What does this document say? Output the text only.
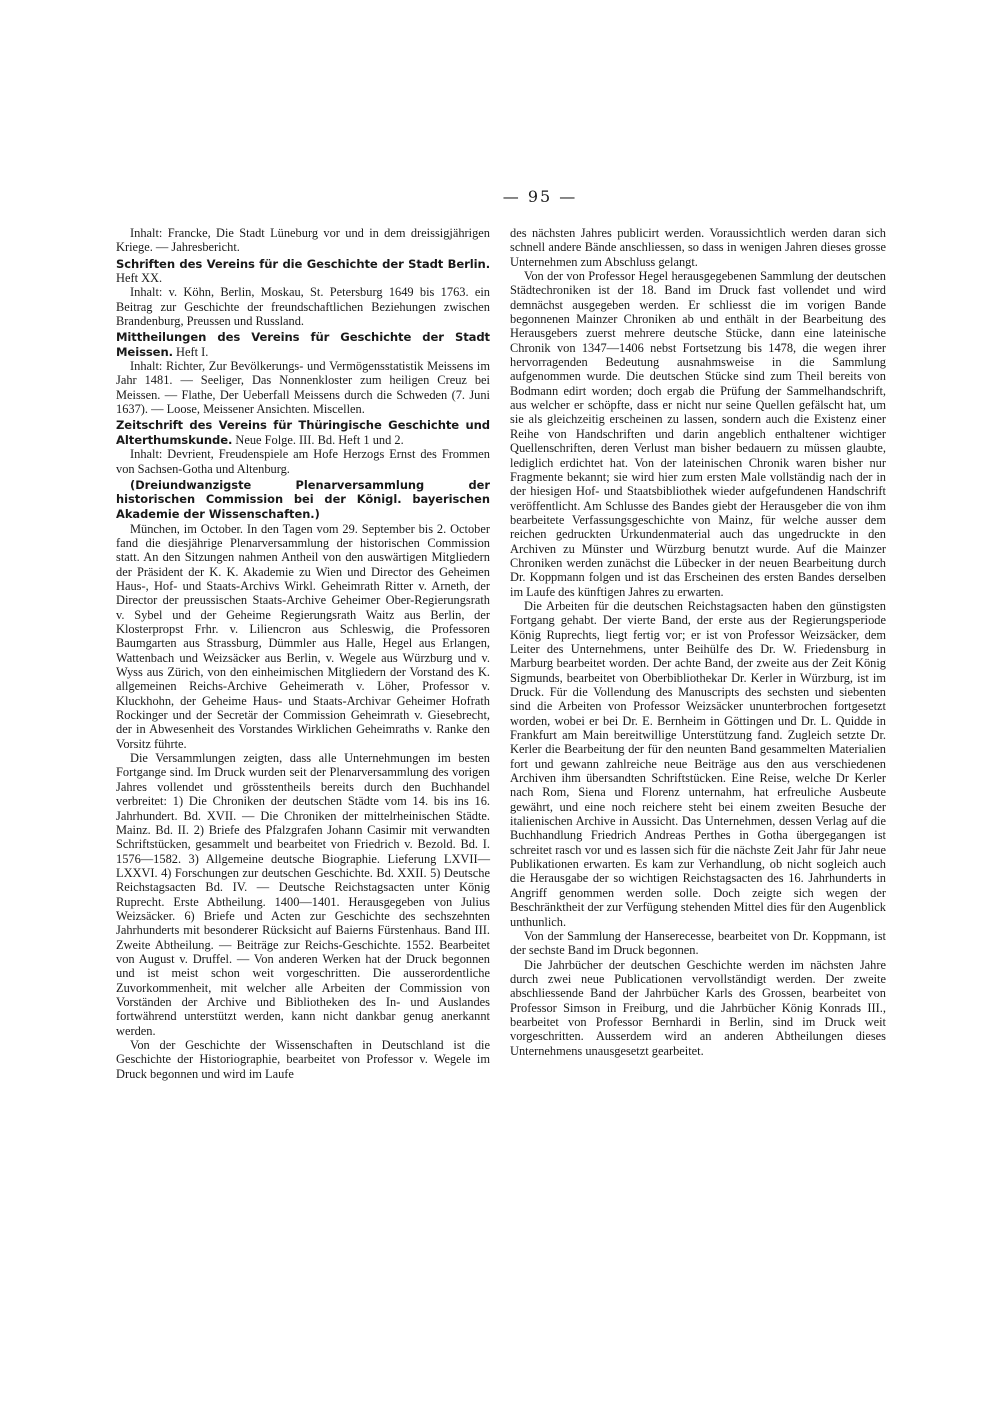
— 95 —

Inhalt: Francke, Die Stadt Lüneburg vor und in dem dreissigjährigen Kriege. — Jahresbericht.

Schriften des Vereins für die Geschichte der Stadt Berlin. Heft XX.

Inhalt: v. Köhn, Berlin, Moskau, St. Petersburg 1649 bis 1763. ein Beitrag zur Geschichte der freundschaftlichen Beziehungen zwischen Brandenburg, Preussen und Russland.

Mittheilungen des Vereins für Geschichte der Stadt Meissen. Heft I.

Inhalt: Richter, Zur Bevölkerungs- und Vermögensstatistik Meissens im Jahr 1481. — Seeliger, Das Nonnenkloster zum heiligen Creuz bei Meissen. — Flathe, Der Ueberfall Meissens durch die Schweden (7. Juni 1637). — Loose, Meissener Ansichten. Miscellen.

Zeitschrift des Vereins für Thüringische Geschichte und Alterthumskunde. Neue Folge. III. Bd. Heft 1 und 2.

Inhalt: Devrient, Freudenspiele am Hofe Herzogs Ernst des Frommen von Sachsen-Gotha und Altenburg.

(Dreiundwanzigste Plenarversammlung der historischen Commission bei der Königl. bayerischen Akademie der Wissenschaften.)

München, im October. In den Tagen vom 29. September bis 2. October fand die diesjährige Plenarversammlung der historischen Commission statt. An den Sitzungen nahmen Antheil von den auswärtigen Mitgliedern der Präsident der K. K. Akademie zu Wien und Director des Geheimen Haus-, Hof- und Staats-Archivs Wirkl. Geheimrath Ritter v. Arneth, der Director der preussischen Staats-Archive Geheimer Ober-Regierungsrath v. Sybel und der Geheime Regierungsrath Waitz aus Berlin, der Klosterpropst Frhr. v. Liliencron aus Schleswig, die Professoren Baumgarten aus Strassburg, Dümmler aus Halle, Hegel aus Erlangen, Wattenbach und Weizsäcker aus Berlin, v. Wegele aus Würzburg und v. Wyss aus Zürich, von den einheimischen Mitgliedern der Vorstand des K. allgemeinen Reichs-Archive Geheimerath v. Löher, Professor v. Kluckhohn, der Geheime Haus- und Staats-Archivar Geheimer Hofrath Rockinger und der Secretär der Commission Geheimrath v. Giesebrecht, der in Abwesenheit des Vorstandes Wirklichen Geheimraths v. Ranke den Vorsitz führte.

Die Versammlungen zeigten, dass alle Unternehmungen im besten Fortgange sind. Im Druck wurden seit der Plenarversammlung des vorigen Jahres vollendet und grösstentheils bereits durch den Buchhandel verbreitet: 1) Die Chroniken der deutschen Städte vom 14. bis ins 16. Jahrhundert. Bd. XVII. — Die Chroniken der mittelrheinischen Städte. Mainz. Bd. II. 2) Briefe des Pfalzgrafen Johann Casimir mit verwandten Schriftstücken, gesammelt und bearbeitet von Friedrich v. Bezold. Bd. I. 1576—1582. 3) Allgemeine deutsche Biographie. Lieferung LXVII—LXXVI. 4) Forschungen zur deutschen Geschichte. Bd. XXII. 5) Deutsche Reichstagsacten Bd. IV. — Deutsche Reichstagsacten unter König Ruprecht. Erste Abtheilung. 1400—1401. Herausgegeben von Julius Weizsäcker. 6) Briefe und Acten zur Geschichte des sechszehnten Jahrhunderts mit besonderer Rücksicht auf Baierns Fürstenhaus. Band III. Zweite Abtheilung. — Beiträge zur Reichs-Geschichte. 1552. Bearbeitet von August v. Druffel. — Von anderen Werken hat der Druck begonnen und ist meist schon weit vorgeschritten. Die ausserordentliche Zuvorkommenheit, mit welcher alle Arbeiten der Commission von Vorständen der Archive und Bibliotheken des In- und Auslandes fortwährend unterstützt werden, kann nicht dankbar genug anerkannt werden.

Von der Geschichte der Wissenschaften in Deutschland ist die Geschichte der Historiographie, bearbeitet von Professor v. Wegele im Druck begonnen und wird im Laufe

des nächsten Jahres publicirt werden. Voraussichtlich werden daran sich schnell andere Bände anschliessen, so dass in wenigen Jahren dieses grosse Unternehmen zum Abschluss gelangt.

Von der von Professor Hegel herausgegebenen Sammlung der deutschen Städtechroniken ist der 18. Band im Druck fast vollendet und wird demnächst ausgegeben werden. Er schliesst die im vorigen Bande begonnenen Mainzer Chroniken ab und enthält in der Bearbeitung des Herausgebers zuerst mehrere deutsche Stücke, dann eine lateinische Chronik von 1347—1406 nebst Fortsetzung bis 1478, die wegen ihrer hervorragenden Bedeutung ausnahmsweise in die Sammlung aufgenommen wurde. Die deutschen Stücke sind zum Theil bereits von Bodmann edirt worden; doch ergab die Prüfung der Sammelhandschrift, aus welcher er schöpfte, dass er nicht nur seine Quellen gefälscht hat, um sie als gleichzeitig erscheinen zu lassen, sondern auch die Existenz einer Reihe von Handschriften und darin angeblich enthaltener wichtiger Quellenschriften, deren Verlust man bisher bedauern zu müssen glaubte, lediglich erdichtet hat. Von der lateinischen Chronik waren bisher nur Fragmente bekannt; sie wird hier zum ersten Male vollständig nach der in der hiesigen Hof- und Staatsbibliothek wieder aufgefundenen Handschrift veröffentlicht. Am Schlusse des Bandes giebt der Herausgeber die von ihm bearbeitete Verfassungsgeschichte von Mainz, für welche ausser dem reichen gedruckten Urkundenmaterial auch das ungedruckte in den Archiven zu Münster und Würzburg benutzt wurde. Auf die Mainzer Chroniken werden zunächst die Lübecker in der neuen Bearbeitung durch Dr. Koppmann folgen und ist das Erscheinen des ersten Bandes derselben im Laufe des künftigen Jahres zu erwarten.

Die Arbeiten für die deutschen Reichstagsacten haben den günstigsten Fortgang gehabt. Der vierte Band, der erste aus der Regierungsperiode König Ruprechts, liegt fertig vor; er ist von Professor Weizsäcker, dem Leiter des Unternehmens, unter Beihülfe des Dr. W. Friedensburg in Marburg bearbeitet worden. Der achte Band, der zweite aus der Zeit König Sigmunds, bearbeitet von Oberbibliothekar Dr. Kerler in Würzburg, ist im Druck. Für die Vollendung des Manuscripts des sechsten und siebenten sind die Arbeiten von Professor Weizsäcker ununterbrochen fortgesetzt worden, wobei er bei Dr. E. Bernheim in Göttingen und Dr. L. Quidde in Frankfurt am Main bereitwillige Unterstützung fand. Zugleich setzte Dr. Kerler die Bearbeitung der für den neunten Band gesammelten Materialien fort und gewann zahlreiche neue Beiträge aus den aus verschiedenen Archiven ihm übersandten Schriftstücken. Eine Reise, welche Dr Kerler nach Rom, Siena und Florenz unternahm, hat erfreuliche Ausbeute gewährt, und eine noch reichere steht bei einem zweiten Besuche der italienischen Archive in Aussicht. Das Unternehmen, dessen Verlag auf die Buchhandlung Friedrich Andreas Perthes in Gotha übergegangen ist schreitet rasch vor und es lassen sich für die nächste Zeit Jahr für Jahr neue Publikationen erwarten. Es kam zur Verhandlung, ob nicht sogleich auch die Herausgabe der so wichtigen Reichstagsacten des 16. Jahrhunderts in Angriff genommen werden solle. Doch zeigte sich wegen der Beschränktheit der zur Verfügung stehenden Mittel dies für den Augenblick unthunlich.

Von der Sammlung der Hanserecesse, bearbeitet von Dr. Koppmann, ist der sechste Band im Druck begonnen.

Die Jahrbücher der deutschen Geschichte werden im nächsten Jahre durch zwei neue Publicationen vervollständigt werden. Der zweite abschliessende Band der Jahrbücher Karls des Grossen, bearbeitet von Professor Simson in Freiburg, und die Jahrbücher König Konrads III., bearbeitet von Professor Bernhardi in Berlin, sind im Druck weit vorgeschritten. Ausserdem wird an anderen Abtheilungen dieses Unternehmens unausgesetzt gearbeitet.
